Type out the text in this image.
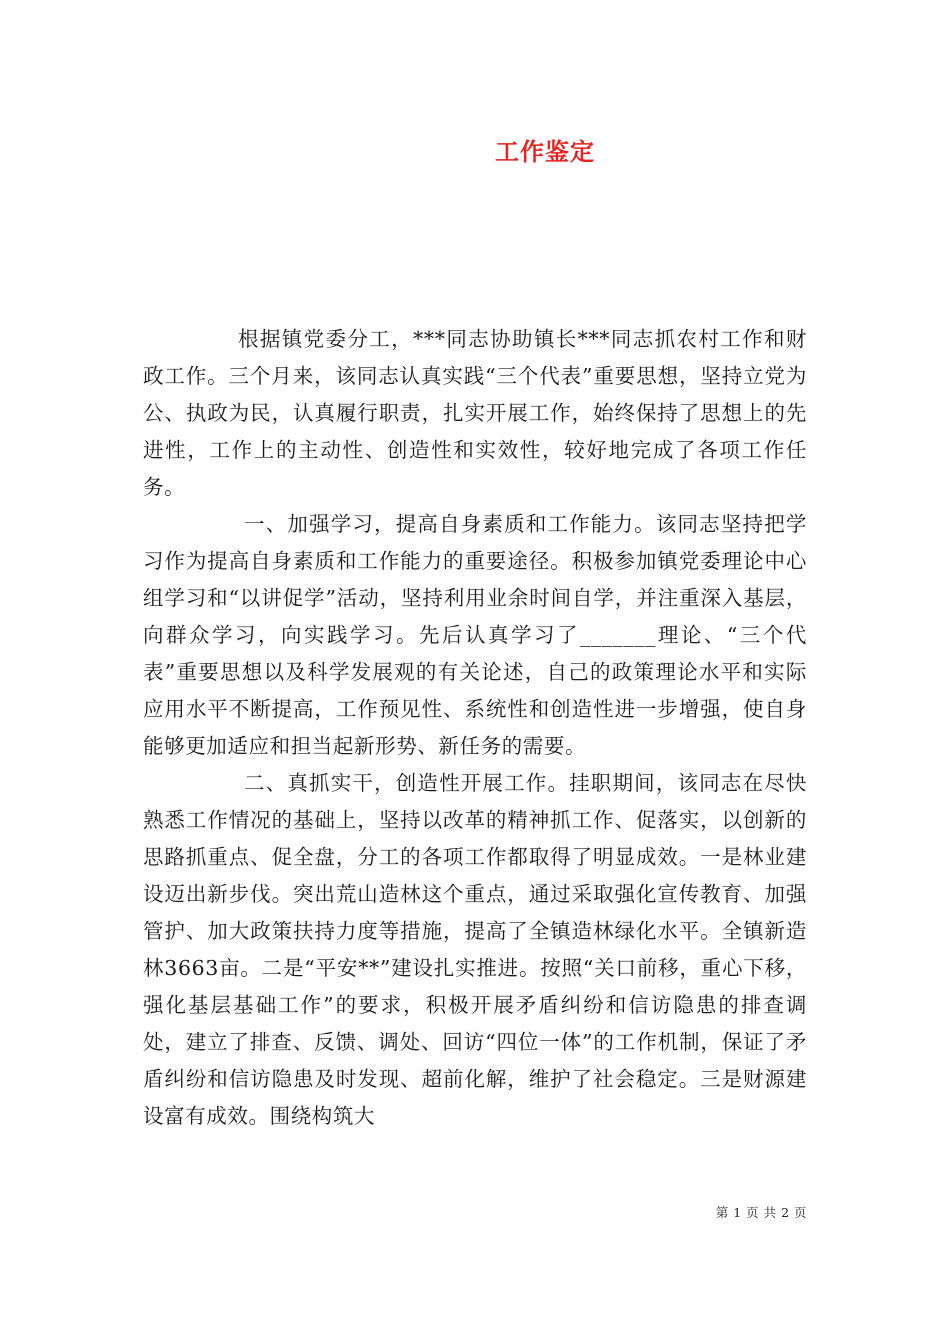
工作鉴定

根据镇党委分工，***同志协助镇长***同志抓农村工作和财政工作。三个月来，该同志认真实践“三个代表”重要思想，坚持立党为公、执政为民，认真履行职责，扎实开展工作，始终保持了思想上的先进性，工作上的主动性、创造性和实效性，较好地完成了各项工作任务。

一、加强学习，提高自身素质和工作能力。该同志坚持把学习作为提高自身素质和工作能力的重要途径。积极参加镇党委理论中心组学习和“以讲促学”活动，坚持利用业余时间自学，并注重深入基层，向群众学习，向实践学习。先后认真学习了_______理论、“三个代表”重要思想以及科学发展观的有关论述，自己的政策理论水平和实际应用水平不断提高，工作预见性、系统性和创造性进一步增强，使自身能够更加适应和担当起新形势、新任务的需要。

二、真抓实干，创造性开展工作。挂职期间，该同志在尽快熟悉工作情况的基础上，坚持以改革的精神抓工作、促落实，以创新的思路抓重点、促全盘，分工的各项工作都取得了明显成效。一是林业建设迈出新步伐。突出荒山造林这个重点，通过采取强化宣传教育、加强管护、加大政策扶持力度等措施，提高了全镇造林绿化水平。全镇新造林3663亩。二是“平安**”建设扎实推进。按照“关口前移，重心下移，强化基层基础工作”的要求，积极开展矛盾纠纷和信访隐患的排查调处，建立了排查、反馈、调处、回访“四位一体”的工作机制，保证了矛盾纠纷和信访隐患及时发现、超前化解，维护了社会稳定。三是财源建设富有成效。围绕构筑大

第 1 页 共 2 页
